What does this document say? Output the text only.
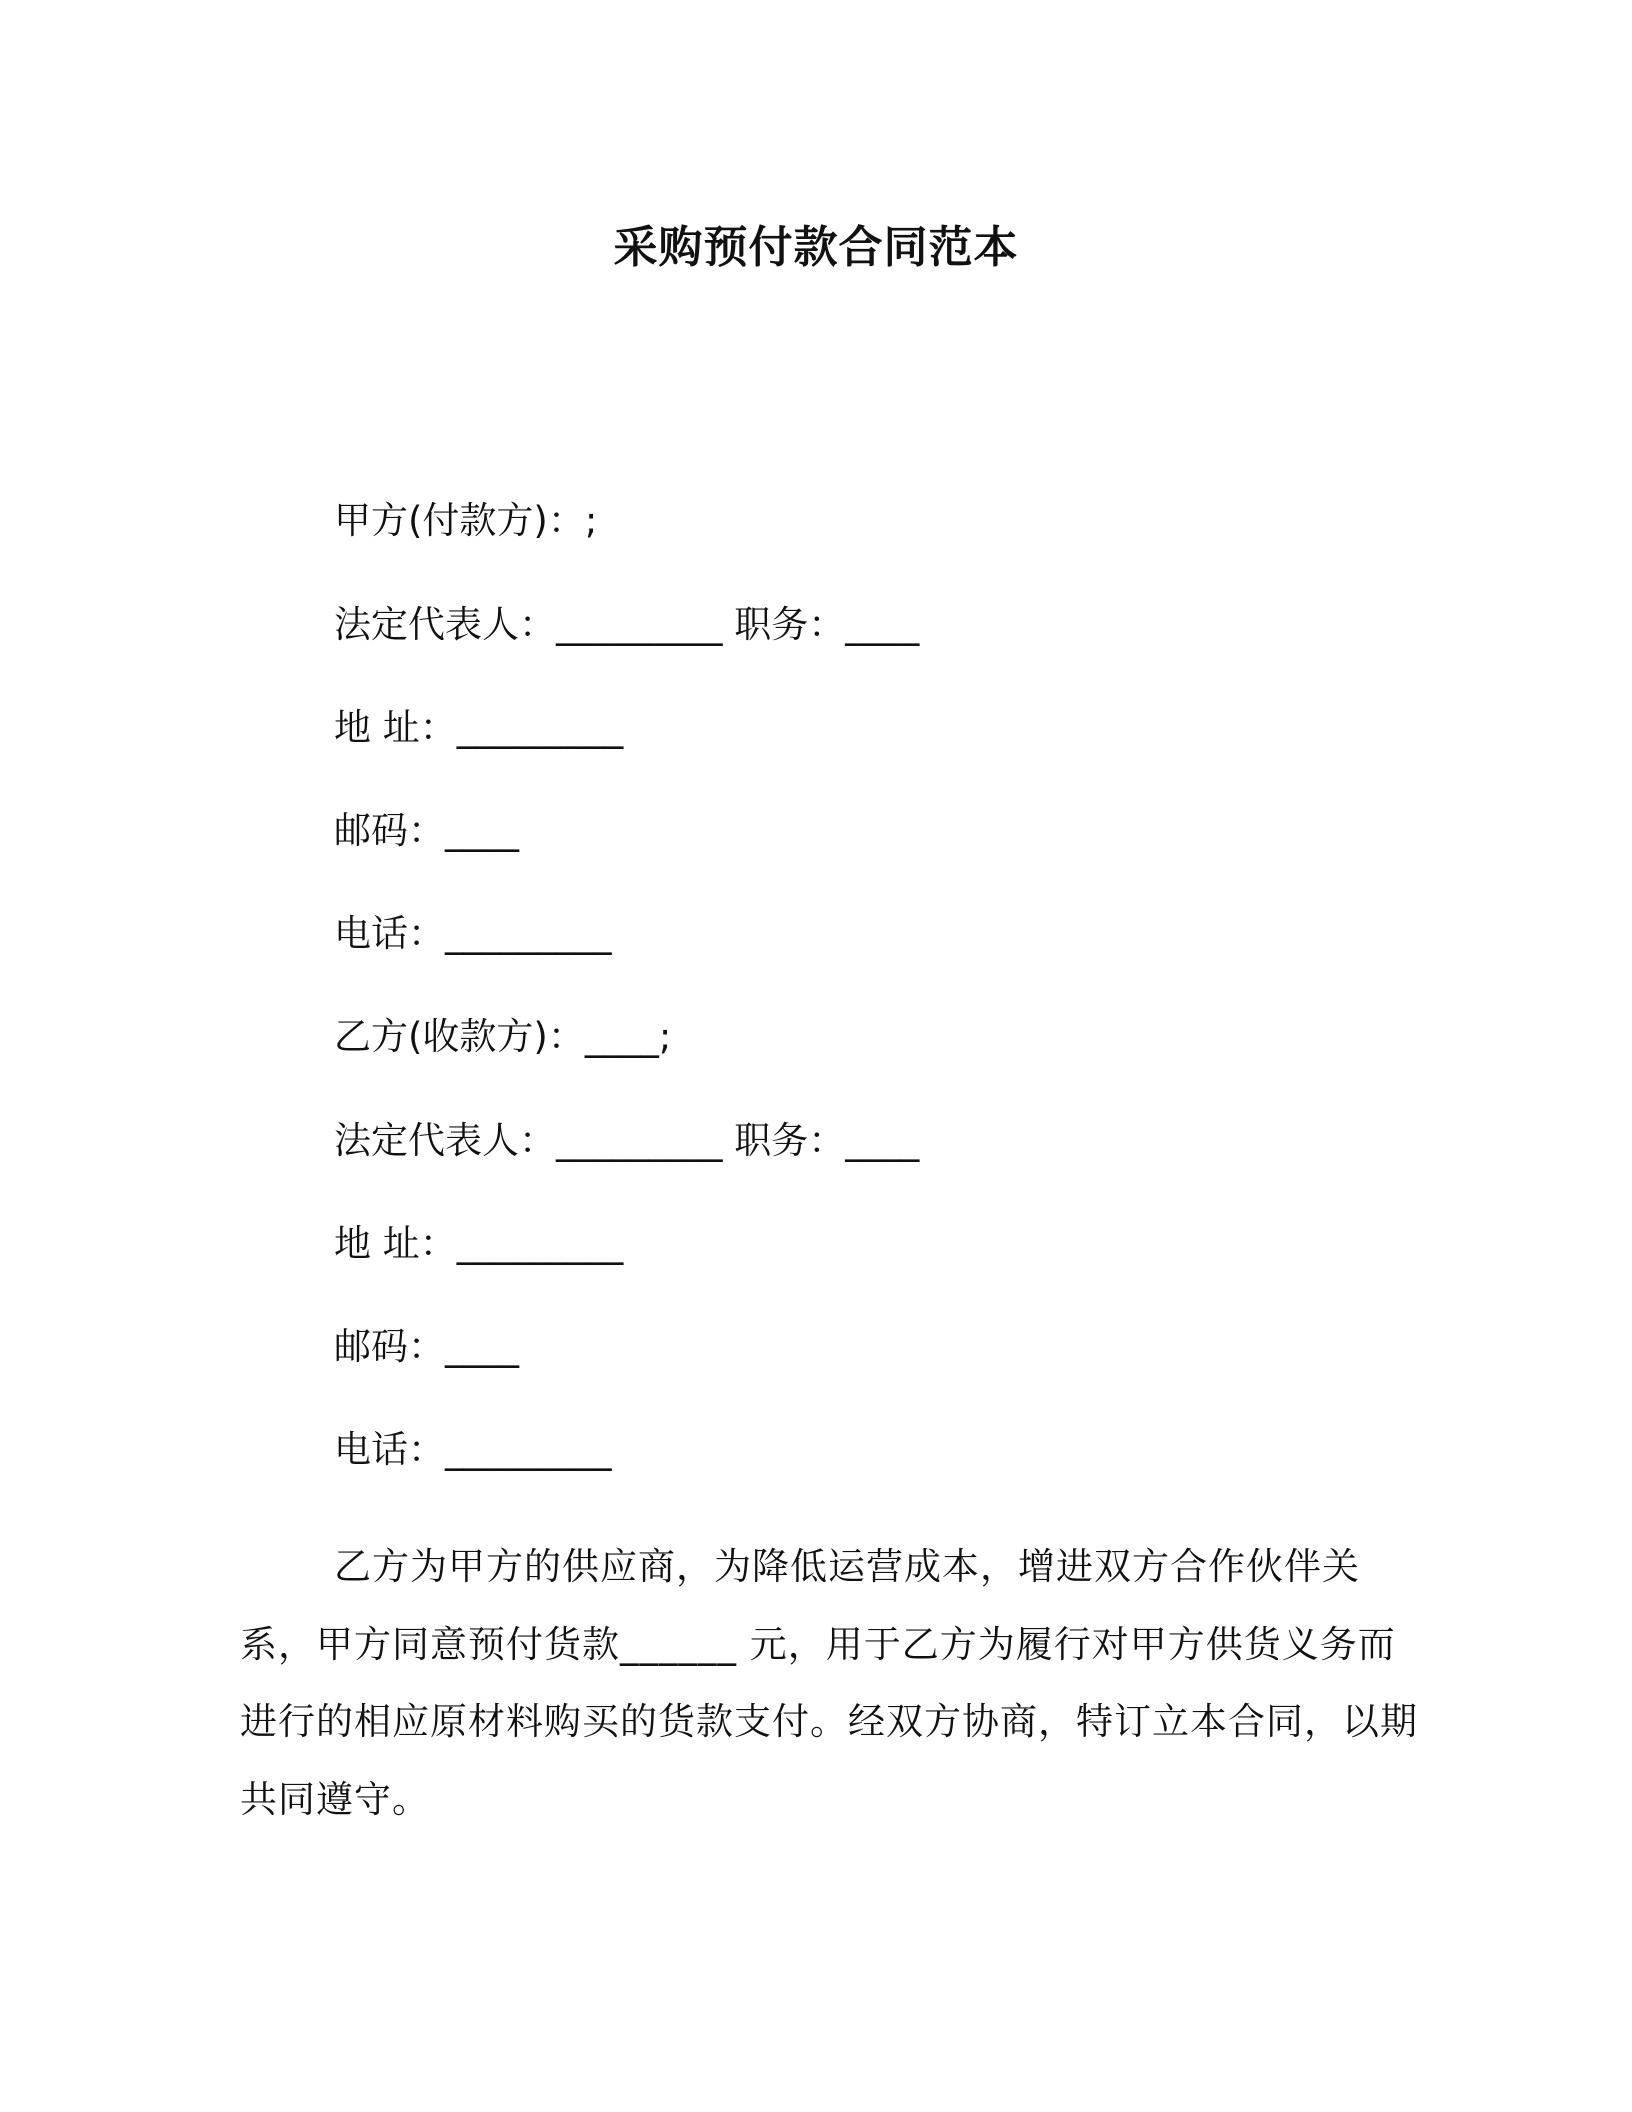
采购预付款合同范本
甲方(付款方)：;
法定代表人：_________ 职务：____
地 址：_________
邮码：____
电话：_________
乙方(收款方)：____;
法定代表人：_________ 职务：____
地 址：_________
邮码：____
电话：_________

乙方为甲方的供应商，为降低运营成本，增进双方合作伙伴关系，甲方同意预付货款______ 元，用于乙方为履行对甲方供货义务而进行的相应原材料购买的货款支付。经双方协商，特订立本合同，以期共同遵守。
